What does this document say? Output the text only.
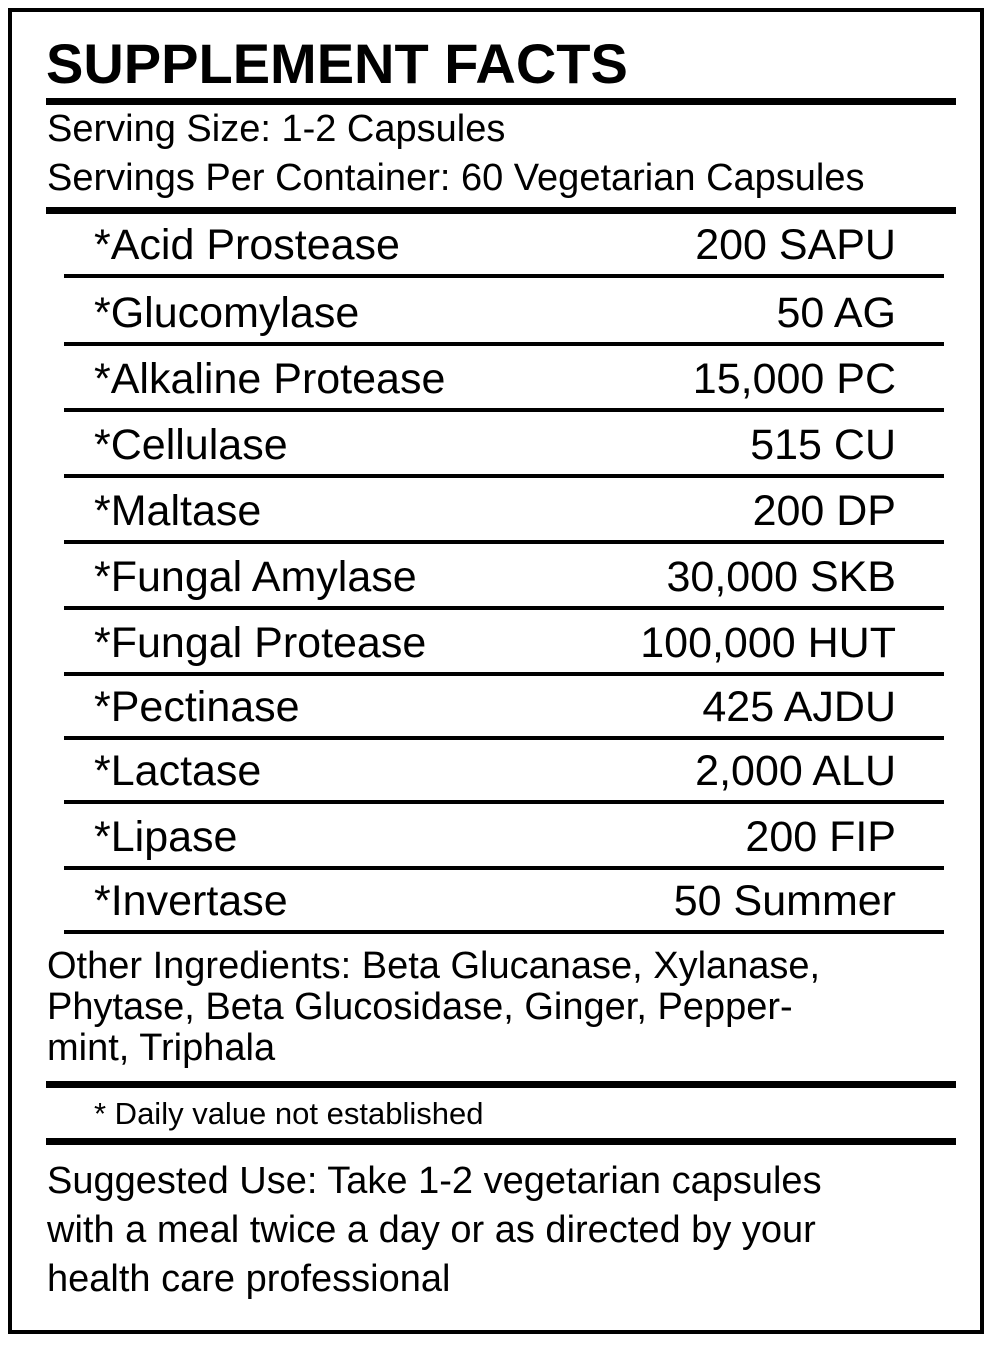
SUPPLEMENT FACTS
Serving Size: 1-2 Capsules
Servings Per Container: 60 Vegetarian Capsules
*Acid Prostease	200 SAPU
*Glucomylase	50 AG
*Alkaline Protease	15,000 PC
*Cellulase	515 CU
*Maltase	200 DP
*Fungal Amylase	30,000 SKB
*Fungal Protease	100,000 HUT
*Pectinase	425 AJDU
*Lactase	2,000 ALU
*Lipase	200 FIP
*Invertase	50 Summer
Other Ingredients: Beta Glucanase, Xylanase,
Phytase, Beta Glucosidase, Ginger, Pepper-
mint, Triphala
* Daily value not established
Suggested Use: Take 1-2 vegetarian capsules
with a meal twice a day or as directed by your
health care professional
